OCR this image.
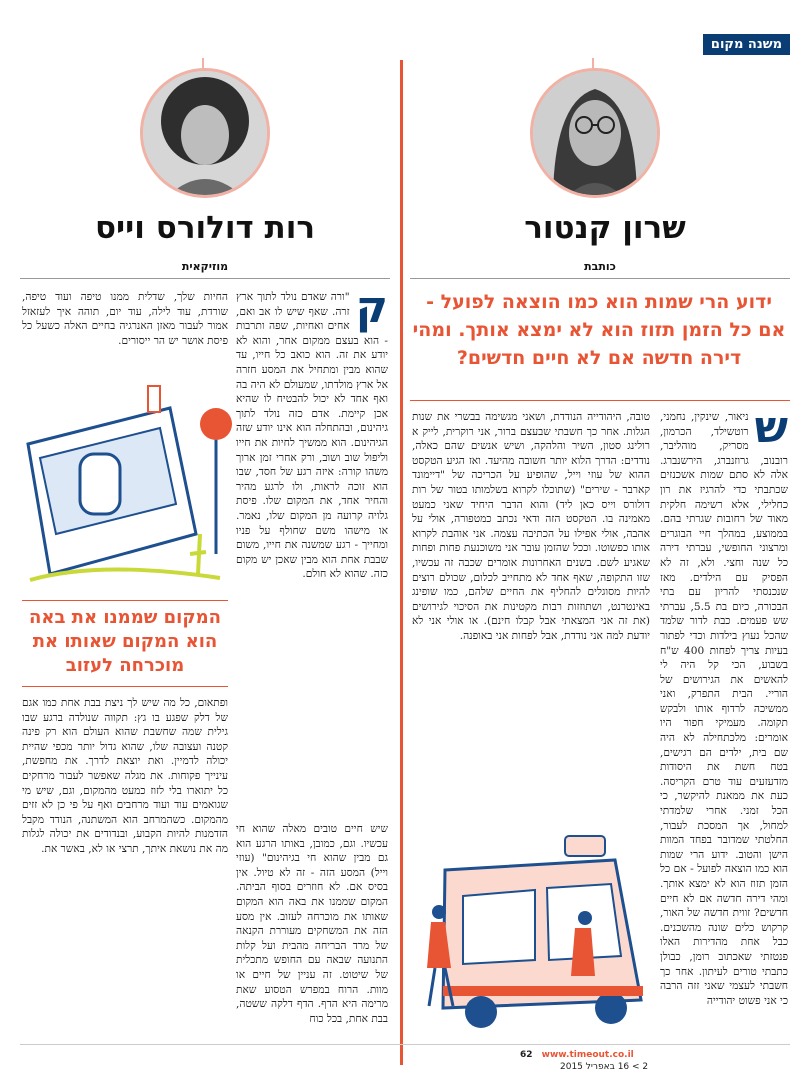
משנה מקום
שרון קנטור
כותבת
ידוע הרי שמות הוא כמו הוצאה לפועל - אם כל הזמן תזוז הוא לא ימצא אותך. ומהי דירה חדשה אם לא חיים חדשים?
ש

ניאור, שינקין, נחמני, רוטשילד, הכרמון, מסריק, מוהליבר, רובנוב, גרוזנברג, הירשנברג. אלה לא סתם שמות אשכנזים שכתבתי כדי להרגיז את רון כחלילי, אלא רשימה חלקית מאוד של רחובות שגרתי בהם. בממוצע, במהלך חיי הבוגרים ומרצוני החופשי, עברתי דירה כל שנה וחצי. ולא, זה לא הפסיק עם הילדים. מאז שנכנסתי להריון עם בתי הבכורה, כיום בת 5.5, עברתי שש פעמים. כבת לדור שלמד שהכל נעוץ בילדות וכדי לפתור בעיות צריך לפחות 400 ש"ח בשבוע, הכי קל היה לי להאשים את הגירושים של הוריי. הבית התפרק, ואני ממשיכה לרדוף אותו ולבקש תקומה. מעמיקי חפור היו אומרים: מלכתחילה לא היה שם בית, ילדים הם רגישים, בטח חשת את היסודות מזדעזעים עוד טרם הקריסה. כעת את ממאנת להיקשר, כי הכל זמני. אחרי שלמדתי למחול, אך המסכת לעבור, החלטתי שמדובר בפחד המוות הישן והטוב. ידוע הרי שמות הוא כמו הוצאה לפועל - אם כל הזמן תזוז הוא לא ימצא אותך. ומהי דירה חדשה אם לא חיים חדשים? זווית חדשה של האור, קרקוש כלים שונה מהשכנים. כבל אחת מהדירות האלו פנטזתי שאכתוב רומן, כבולן כתבתי טורים לעיתון. אחר כך חשבתי לעצמי שאני זזה הרבה כי אני פשוט יהודייה

טובה, היהודייה הנודדת, ושאני מגשימה בבשרי את שנות הגלות. אחר כך חשבתי שבעצם ברור, אני רוקרית, לייק א רולינג סטון, השיר והלהקה, ושיש אנשים שהם כאלה, נודדים: הדרך הלוא יותר חשובה מהיעד. ואז הגיע הטקסט ההוא של עוזי וייל, שהופיע על הכריכה של "דיימונד קארבר - שירים" (שתוכלו לקרוא בשלמותו בטור של רות דולורס וייס כאן ליד) והוא הדבר היחיד שאני כמעט מאמינה בו. הטקסט הזה ודאי נכתב כמטפורה, אולי על אהבה, אולי אפילו על הכתיבה עצמה. אני אוהבת לקרוא אותו כפשוטו. וככל שהזמן עובר אני משוכנעת פחות ופחות שאגיע לשם. בשנים האחרונות אומרים שכבה זה עכשיו, שזו התקופה, שאף אחד לא מתחייב לכלום, שכולם רוצים להיות מסוגלים להחליף את החיים שלהם, כמו שופינג באינטרנט, ושתוזזות רבות מקטינות את הסיכוי לגירושים (את זה אני המצאתי אבל קבלו חינם). או אולי אני לא יודעת למה אני נודדת, אבל לפחות אני באופנה.

רות דולורס וייס
מוזיקאית
ק

"ורה שאדם נולד לתוך ארץ זרה. שאף שיש לו אב ואם, אחים ואחיות, שפה ותרבות - הוא בעצם ממקום אחר, והוא לא יודע את זה. הוא כואב כל חייו, עד שהוא מבין ומתחיל את המסע חזרה אל ארץ מולדתו, שמעולם לא היה בה ואף אחד לא יכול להבטיח לו שהיא אכן קיימת. אדם כזה נולד לתוך גיהינום, ובהתחלה הוא אינו יודע שזה הגיהינום. הוא ממשיך לחיות את חייו וליפול שוב ושוב, ורק אחרי זמן ארוך משהו קורה: איזה רגע של חסד, שבו הוא זוכה לראות, ולו לרגע מהיר והחיר אחד, את המקום שלו. פיסת גלויה קרועה מן המקום שלו, נאמר. או מישהו משם שחולף על פניו ומחייך - רגע שמשנה את חייו, משום שבבת אחת הוא מבין שאכן יש מקום כזה. שהוא לא חולם.

החיות שלך, שדלית ממנו טיפה ועוד טיפה, שורדת, עוד לילה, עוד יום, תוהה איך לעזאזל אמור לעבור מאזן האנרגיה בחיים האלה כשעל כל פיסת אושר יש הר ייסורים.

המקום שממנו את באה הוא המקום שאותו את מוכרחה לעזוב

שיש חיים טובים מאלה שהוא חי עכשיו. וגם, כמובן, באותו הרגע הוא גם מבין שהוא חי בגיהינום" (עוזי וייל) המסע הזה - זה לא טיול. אין בסיס אם. לא חוזרים בסוף הביתה. המקום שממנו את באה הוא המקום שאותו את מוכרחה לעזוב. אין מסע הזה את המשחקים מעוררת הקנאה של מרד הבריחה מהבית ועל קלות התנועה שבאה עם החופש מתכלית של שיטוט. זה עניין של חיים או מוות. הרוח במפרש הטסוע שאת מרימה היא הדף. הדף דלקה ששטה, בבת אחת, בכל כוח

ופתאום, כל מה שיש לך ניצת בבת אחת כמו אגם של דלק שפגע בו גץ: תקווה שנולדה ברגע שבו גילית שמה שחשבת שהוא העולם הוא רק פינה קטנה ועצובה שלו, שהוא גדול יותר מכפי שהיית יכולה לדמיין. ואת יוצאת לדרך. את מחפשת, עינייך פקוחות. את מגלה שאפשר לעבור מרחקים כל יתוארו בלי לזוז כמעט מהמקום, וגם, שיש מי שגואמים עוד ועוד מרחבים ואף על פי כן לא זזים מהמקום. כשהמרחב הוא המשתנה, הנודד מקבל הזדמנות להיות הקבוע, ובנדודים את יכולה לגלות מה את נושאת איתך, תרצי או לא, באשר את.

62 www.timeout.co.il
2 > 16 באפריל 2015
